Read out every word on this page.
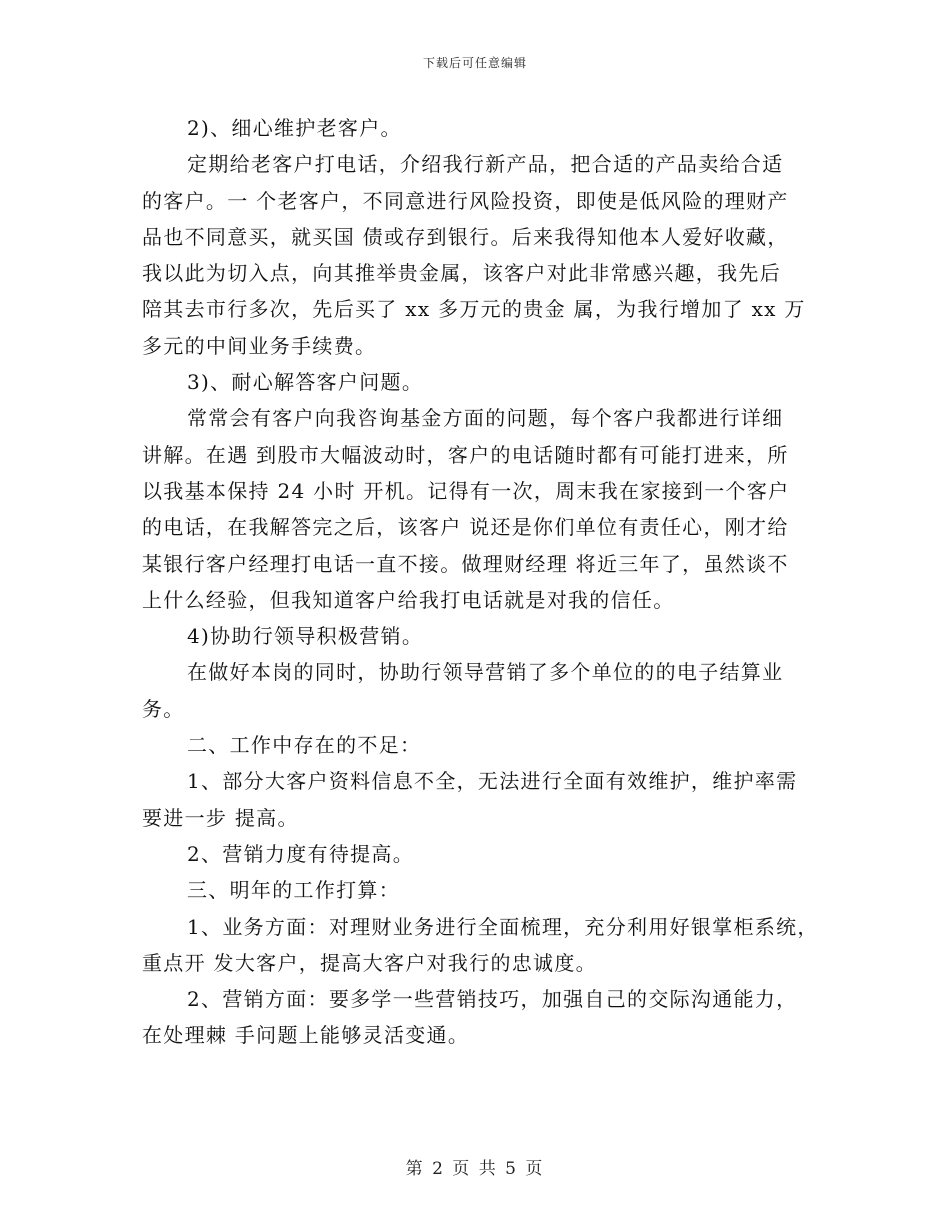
下载后可任意编辑
2)、细心维护老客户。
定期给老客户打电话，介绍我行新产品，把合适的产品卖给合适
的客户。一 个老客户，不同意进行风险投资，即使是低风险的理财产
品也不同意买，就买国 债或存到银行。后来我得知他本人爱好收藏，
我以此为切入点，向其推举贵金属，该客户对此非常感兴趣，我先后
陪其去市行多次，先后买了 xx 多万元的贵金 属，为我行增加了 xx 万
多元的中间业务手续费。
3)、耐心解答客户问题。
常常会有客户向我咨询基金方面的问题，每个客户我都进行详细
讲解。在遇 到股市大幅波动时，客户的电话随时都有可能打进来，所
以我基本保持 24 小时 开机。记得有一次，周末我在家接到一个客户
的电话，在我解答完之后，该客户 说还是你们单位有责任心，刚才给
某银行客户经理打电话一直不接。做理财经理 将近三年了，虽然谈不
上什么经验，但我知道客户给我打电话就是对我的信任。
4)协助行领导积极营销。
在做好本岗的同时，协助行领导营销了多个单位的的电子结算业
务。
二、工作中存在的不足：
1、部分大客户资料信息不全，无法进行全面有效维护，维护率需
要进一步 提高。
2、营销力度有待提高。
三、明年的工作打算：
1、业务方面：对理财业务进行全面梳理，充分利用好银掌柜系统，
重点开 发大客户，提高大客户对我行的忠诚度。
2、营销方面：要多学一些营销技巧，加强自己的交际沟通能力，
在处理棘 手问题上能够灵活变通。
第 2 页 共 5 页
